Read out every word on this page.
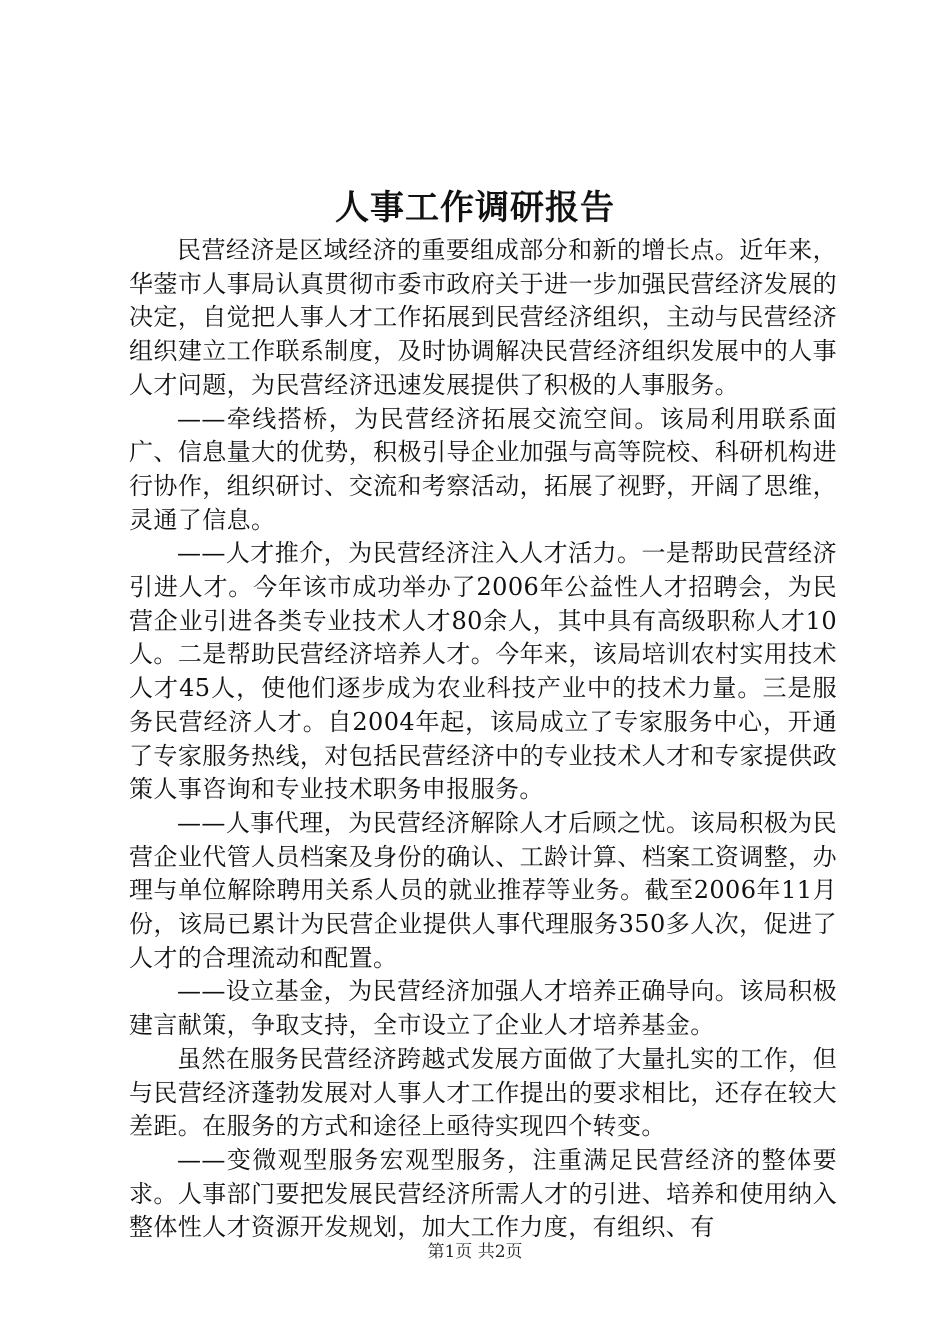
人事工作调研报告

民营经济是区域经济的重要组成部分和新的增长点。近年来，华蓥市人事局认真贯彻市委市政府关于进一步加强民营经济发展的决定，自觉把人事人才工作拓展到民营经济组织，主动与民营经济组织建立工作联系制度，及时协调解决民营经济组织发展中的人事人才问题，为民营经济迅速发展提供了积极的人事服务。

——牵线搭桥，为民营经济拓展交流空间。该局利用联系面广、信息量大的优势，积极引导企业加强与高等院校、科研机构进行协作，组织研讨、交流和考察活动，拓展了视野，开阔了思维，灵通了信息。

——人才推介，为民营经济注入人才活力。一是帮助民营经济引进人才。今年该市成功举办了2006年公益性人才招聘会，为民营企业引进各类专业技术人才80余人，其中具有高级职称人才10人。二是帮助民营经济培养人才。今年来，该局培训农村实用技术人才45人，使他们逐步成为农业科技产业中的技术力量。三是服务民营经济人才。自2004年起，该局成立了专家服务中心，开通了专家服务热线，对包括民营经济中的专业技术人才和专家提供政策人事咨询和专业技术职务申报服务。

——人事代理，为民营经济解除人才后顾之忧。该局积极为民营企业代管人员档案及身份的确认、工龄计算、档案工资调整，办理与单位解除聘用关系人员的就业推荐等业务。截至2006年11月份，该局已累计为民营企业提供人事代理服务350多人次，促进了人才的合理流动和配置。

——设立基金，为民营经济加强人才培养正确导向。该局积极建言献策，争取支持，全市设立了企业人才培养基金。

虽然在服务民营经济跨越式发展方面做了大量扎实的工作，但与民营经济蓬勃发展对人事人才工作提出的要求相比，还存在较大差距。在服务的方式和途径上亟待实现四个转变。

——变微观型服务宏观型服务，注重满足民营经济的整体要求。人事部门要把发展民营经济所需人才的引进、培养和使用纳入整体性人才资源开发规划，加大工作力度，有组织、有

第1页 共2页
